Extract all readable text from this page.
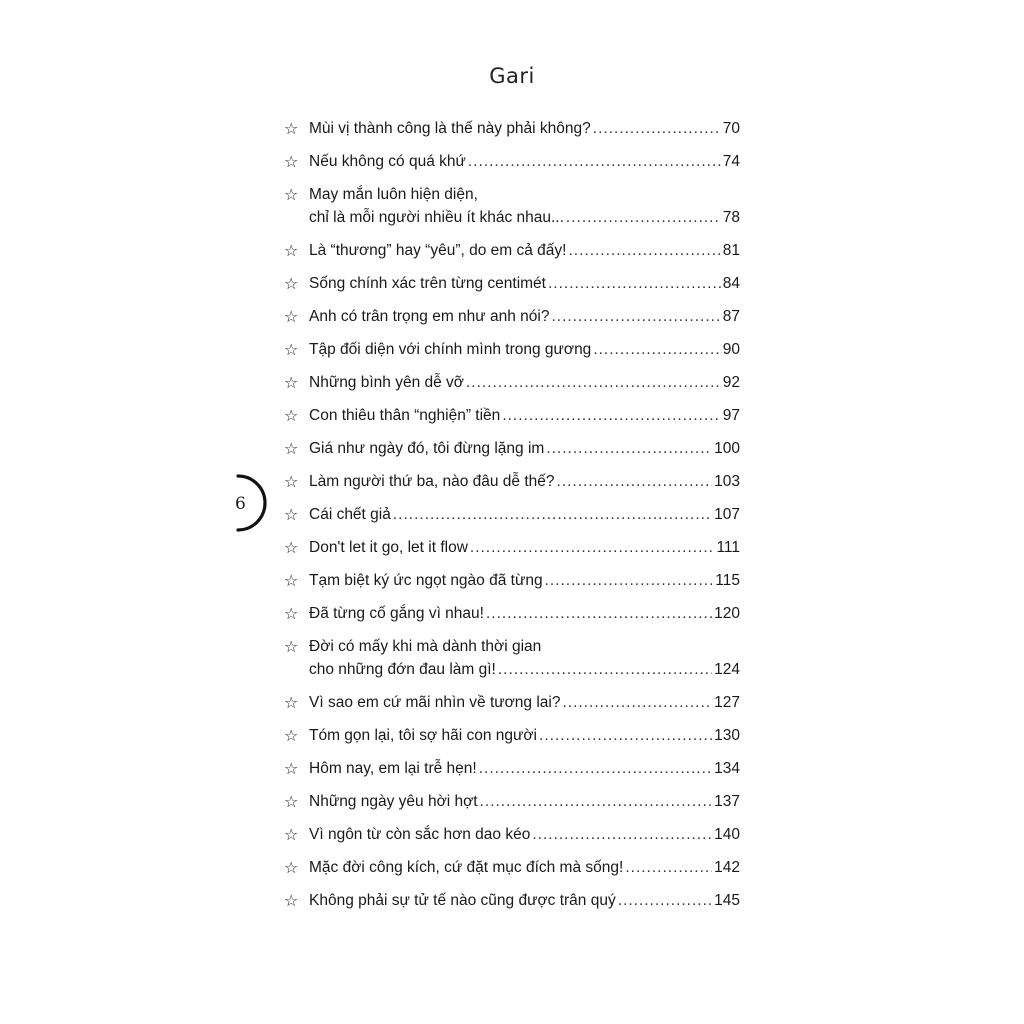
Gari
☆ Mùi vị thành công là thế này phải không? .....	70
☆ Nếu không có quá khứ .....	74
☆ May mắn luôn hiện diện,
chỉ là mỗi người nhiều ít khác nhau... .....	78
☆ Là “thương” hay “yêu”, do em cả đấy! .....	81
☆ Sống chính xác trên từng centimét .....	84
☆ Anh có trân trọng em như anh nói? .....	87
☆ Tập đối diện với chính mình trong gương .....	90
☆ Những bình yên dễ vỡ .....	92
☆ Con thiêu thân “nghiện” tiền .....	97
☆ Giá như ngày đó, tôi đừng lặng im .....	100
☆ Làm người thứ ba, nào đâu dễ thế? .....	103
☆ Cái chết giả .....	107
☆ Don't let it go, let it flow .....	111
☆ Tạm biệt ký ức ngọt ngào đã từng .....	115
☆ Đã từng cố gắng vì nhau! .....	120
☆ Đời có mấy khi mà dành thời gian
cho những đớn đau làm gì! .....	124
☆ Vì sao em cứ mãi nhìn về tương lai? .....	127
☆ Tóm gọn lại, tôi sợ hãi con người .....	130
☆ Hôm nay, em lại trễ hẹn! .....	134
☆ Những ngày yêu hời hợt .....	137
☆ Vì ngôn từ còn sắc hơn dao kéo .....	140
☆ Mặc đời công kích, cứ đặt mục đích mà sống! .....	142
☆ Không phải sự tử tế nào cũng được trân quý .....	145
6
